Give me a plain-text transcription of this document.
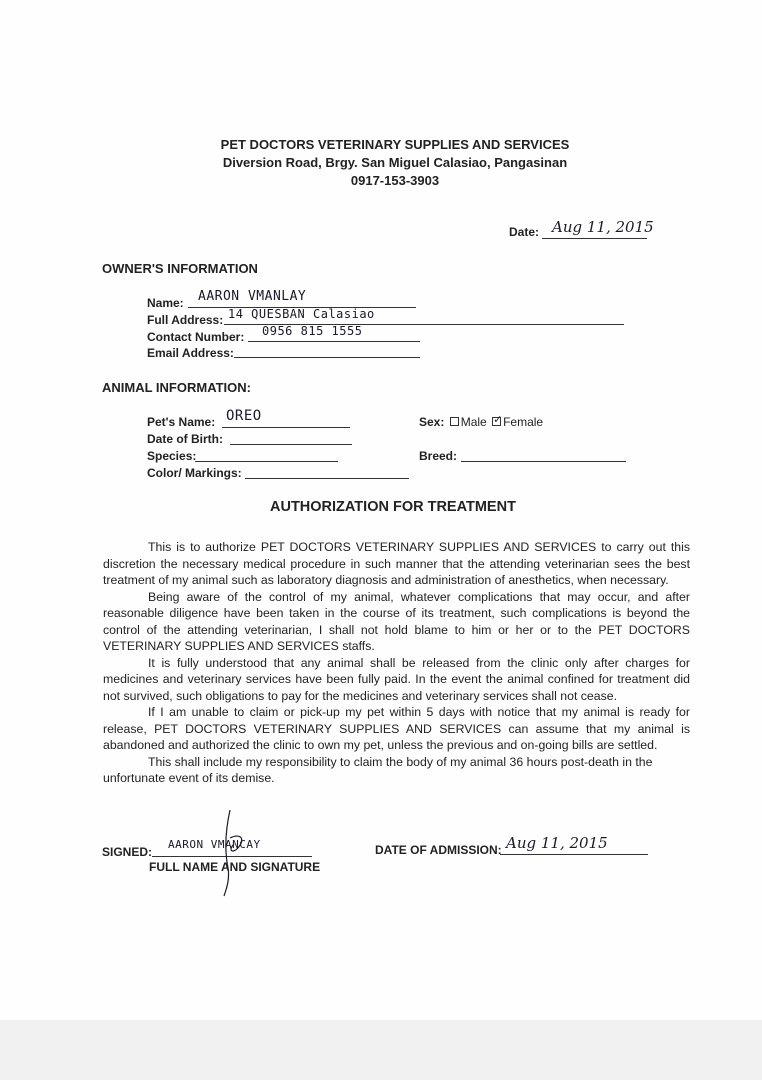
PET DOCTORS VETERINARY SUPPLIES AND SERVICES
Diversion Road, Brgy. San Miguel Calasiao, Pangasinan
0917-153-3903
Date: Aug 11, 2015
OWNER'S INFORMATION
Name: AARON VMANLAY
Full Address: 14 QUESBAN Calasiao
Contact Number: 0956 815 1555
Email Address:
ANIMAL INFORMATION:
Pet's Name: OREO
Date of Birth:
Species:
Color/ Markings:
Sex: Male ✓ Female
Breed:
AUTHORIZATION FOR TREATMENT

This is to authorize PET DOCTORS VETERINARY SUPPLIES AND SERVICES to carry out this discretion the necessary medical procedure in such manner that the attending veterinarian sees the best treatment of my animal such as laboratory diagnosis and administration of anesthetics, when necessary.

Being aware of the control of my animal, whatever complications that may occur, and after reasonable diligence have been taken in the course of its treatment, such complications is beyond the control of the attending veterinarian, I shall not hold blame to him or her or to the PET DOCTORS VETERINARY SUPPLIES AND SERVICES staffs.

It is fully understood that any animal shall be released from the clinic only after charges for medicines and veterinary services have been fully paid. In the event the animal confined for treatment did not survived, such obligations to pay for the medicines and veterinary services shall not cease.

If I am unable to claim or pick-up my pet within 5 days with notice that my animal is ready for release, PET DOCTORS VETERINARY SUPPLIES AND SERVICES can assume that my animal is abandoned and authorized the clinic to own my pet, unless the previous and on-going bills are settled.

This shall include my responsibility to claim the body of my animal 36 hours post-death in the unfortunate event of its demise.

SIGNED:
AARON VMANCAY
FULL NAME AND SIGNATURE
DATE OF ADMISSION: Aug 11, 2015
